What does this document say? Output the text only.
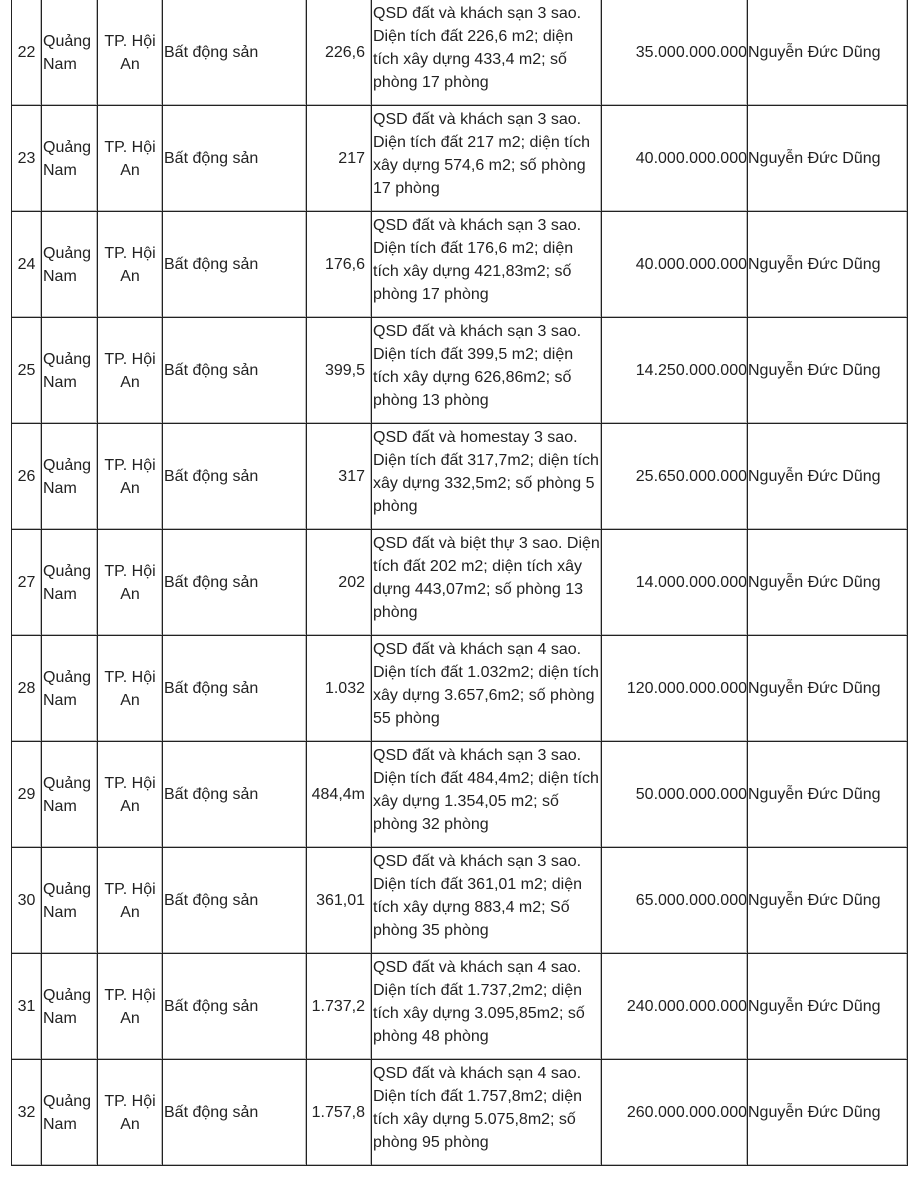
22	Quảng Nam	TP. Hội An	Bất động sản	226,6	QSD đất và khách sạn 3 sao. Diện tích đất 226,6 m2; diện tích xây dựng 433,4 m2; số phòng 17 phòng	35.000.000.000	Nguyễn Đức Dũng
23	Quảng Nam	TP. Hội An	Bất động sản	217	QSD đất và khách sạn 3 sao. Diện tích đất 217 m2; diện tích xây dựng 574,6 m2; số phòng 17 phòng	40.000.000.000	Nguyễn Đức Dũng
24	Quảng Nam	TP. Hội An	Bất động sản	176,6	QSD đất và khách sạn 3 sao. Diện tích đất 176,6 m2; diện tích xây dựng 421,83m2; số phòng 17 phòng	40.000.000.000	Nguyễn Đức Dũng
25	Quảng Nam	TP. Hội An	Bất động sản	399,5	QSD đất và khách sạn 3 sao. Diện tích đất 399,5 m2; diện tích xây dựng 626,86m2; số phòng 13 phòng	14.250.000.000	Nguyễn Đức Dũng
26	Quảng Nam	TP. Hội An	Bất động sản	317	QSD đất và homestay 3 sao. Diện tích đất 317,7m2; diện tích xây dựng 332,5m2; số phòng 5 phòng	25.650.000.000	Nguyễn Đức Dũng
27	Quảng Nam	TP. Hội An	Bất động sản	202	QSD đất và biệt thự 3 sao. Diện tích đất 202 m2; diện tích xây dựng 443,07m2; số phòng 13 phòng	14.000.000.000	Nguyễn Đức Dũng
28	Quảng Nam	TP. Hội An	Bất động sản	1.032	QSD đất và khách sạn 4 sao. Diện tích đất 1.032m2; diện tích xây dựng 3.657,6m2; số phòng 55 phòng	120.000.000.000	Nguyễn Đức Dũng
29	Quảng Nam	TP. Hội An	Bất động sản	484,4m	QSD đất và khách sạn 3 sao. Diện tích đất 484,4m2; diện tích xây dựng 1.354,05 m2; số phòng 32 phòng	50.000.000.000	Nguyễn Đức Dũng
30	Quảng Nam	TP. Hội An	Bất động sản	361,01	QSD đất và khách sạn 3 sao. Diện tích đất 361,01 m2; diện tích xây dựng 883,4 m2; Số phòng 35 phòng	65.000.000.000	Nguyễn Đức Dũng
31	Quảng Nam	TP. Hội An	Bất động sản	1.737,2	QSD đất và khách sạn 4 sao. Diện tích đất 1.737,2m2; diện tích xây dựng 3.095,85m2; số phòng 48 phòng	240.000.000.000	Nguyễn Đức Dũng
32	Quảng Nam	TP. Hội An	Bất động sản	1.757,8	QSD đất và khách sạn 4 sao. Diện tích đất 1.757,8m2; diện tích xây dựng 5.075,8m2; số phòng 95 phòng	260.000.000.000	Nguyễn Đức Dũng
